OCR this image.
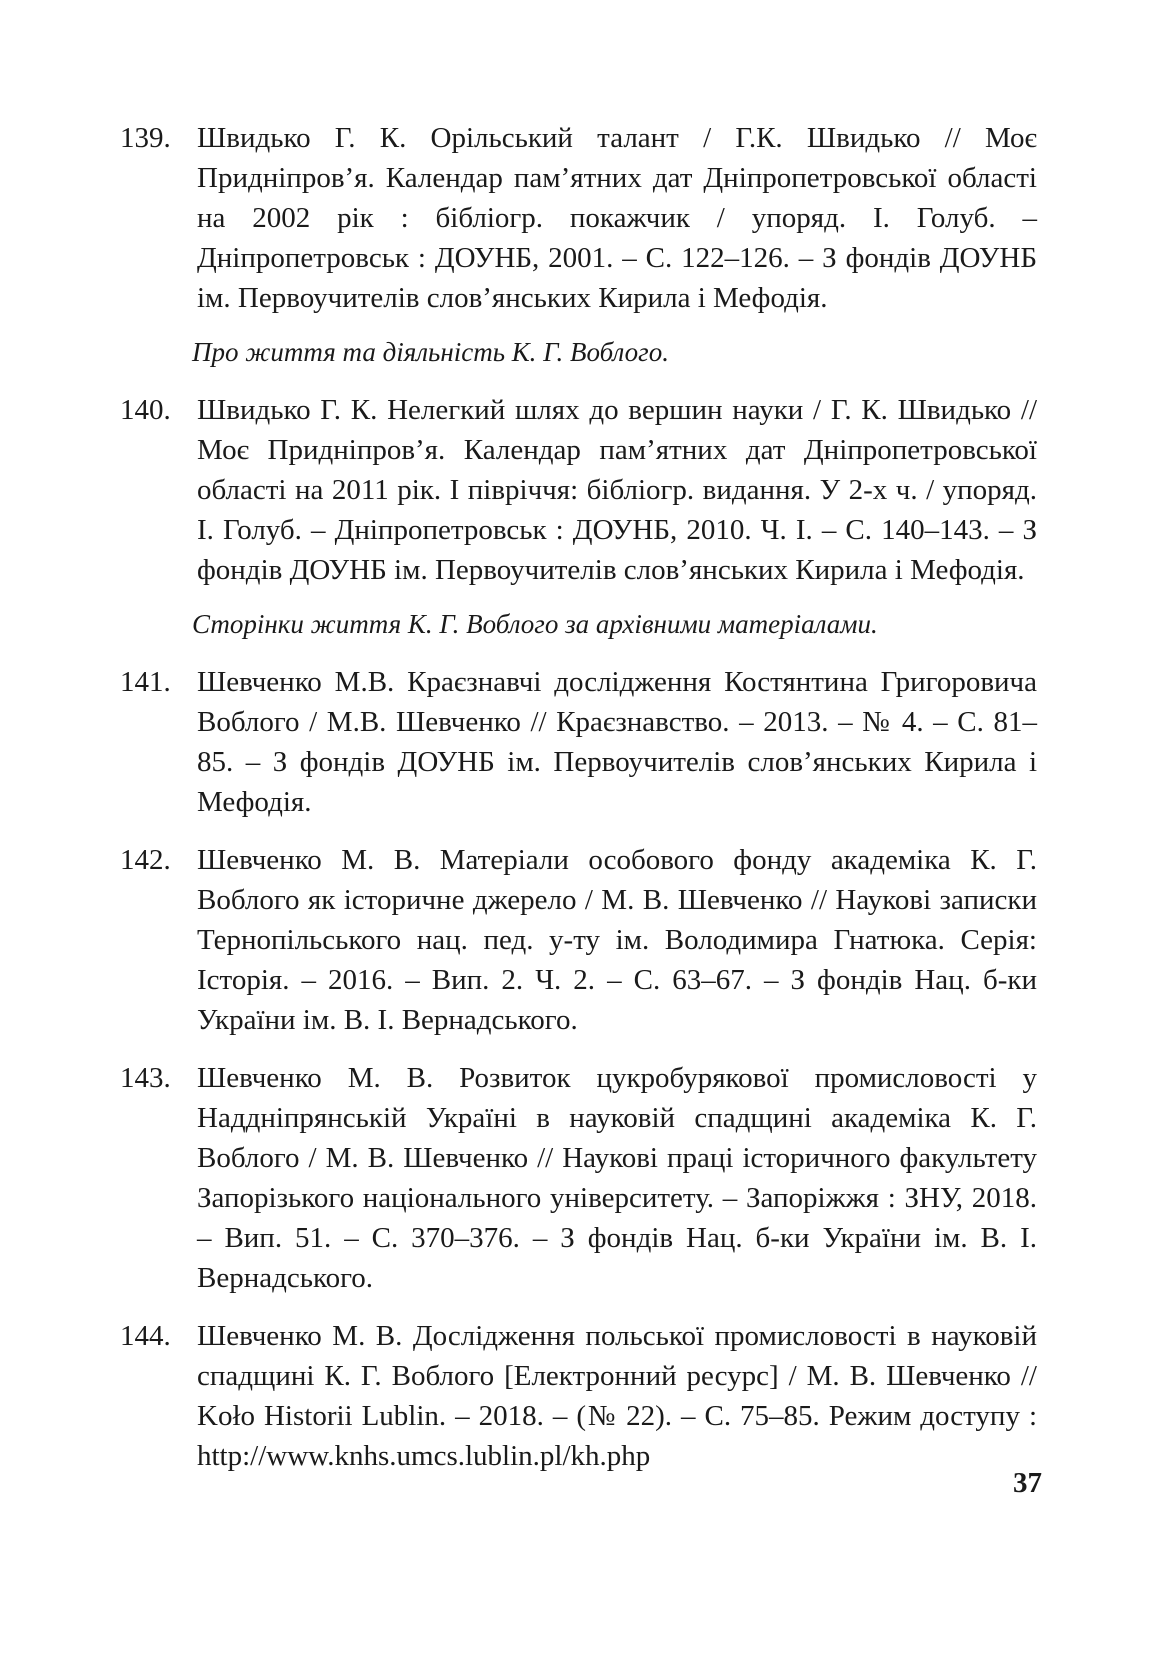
139. Швидько Г. К. Орільський талант / Г.К. Швидько // Моє Придніпров’я. Календар пам’ятних дат Дніпропетровської області на 2002 рік : бібліогр. покажчик / упоряд. І. Голуб. – Дніпропетровськ : ДОУНБ, 2001. – С. 122–126. – З фондів ДОУНБ ім. Первоучителів слов’янських Кирила і Мефодія.

Про життя та діяльність К. Г. Воблого.

140. Швидько Г. К. Нелегкий шлях до вершин науки / Г. К. Швидько // Моє Придніпров’я. Календар пам’ятних дат Дніпропетровської області на 2011 рік. І півріччя: бібліогр. видання. У 2-х ч. / упоряд. І. Голуб. – Дніпропетровськ : ДОУНБ, 2010. Ч. І. – С. 140–143. – З фондів ДОУНБ ім. Первоучителів слов’янських Кирила і Мефодія.

Сторінки життя К. Г. Воблого за архівними матеріалами.

141. Шевченко М.В. Краєзнавчі дослідження Костянтина Григоровича Воблого / М.В. Шевченко // Краєзнавство. – 2013. – № 4. – С. 81–85. – З фондів ДОУНБ ім. Первоучителів слов’янських Кирила і Мефодія.

142. Шевченко М. В. Матеріали особового фонду академіка К. Г. Воблого як історичне джерело / М. В. Шевченко // Наукові записки Тернопільського нац. пед. у-ту ім. Володимира Гнатюка. Серія: Історія. – 2016. – Вип. 2. Ч. 2. – С. 63–67. – З фондів Нац. б-ки України ім. В. І. Вернадського.

143. Шевченко М. В. Розвиток цукробурякової промисловості у Наддніпрянській Україні в науковій спадщині академіка К. Г. Воблого / М. В. Шевченко // Наукові праці історичного факультету Запорізького національного університету. – Запоріжжя : ЗНУ, 2018. – Вип. 51. – С. 370–376. – З фондів Нац. б-ки України ім. В. І. Вернадського.

144. Шевченко М. В. Дослідження польської промисловості в науковій спадщині К. Г. Воблого [Електронний ресурс] / М. В. Шевченко // Koło Historii Lublin. – 2018. – (№ 22). – С. 75–85. Режим доступу : http://www.knhs.umcs.lublin.pl/kh.php

37
